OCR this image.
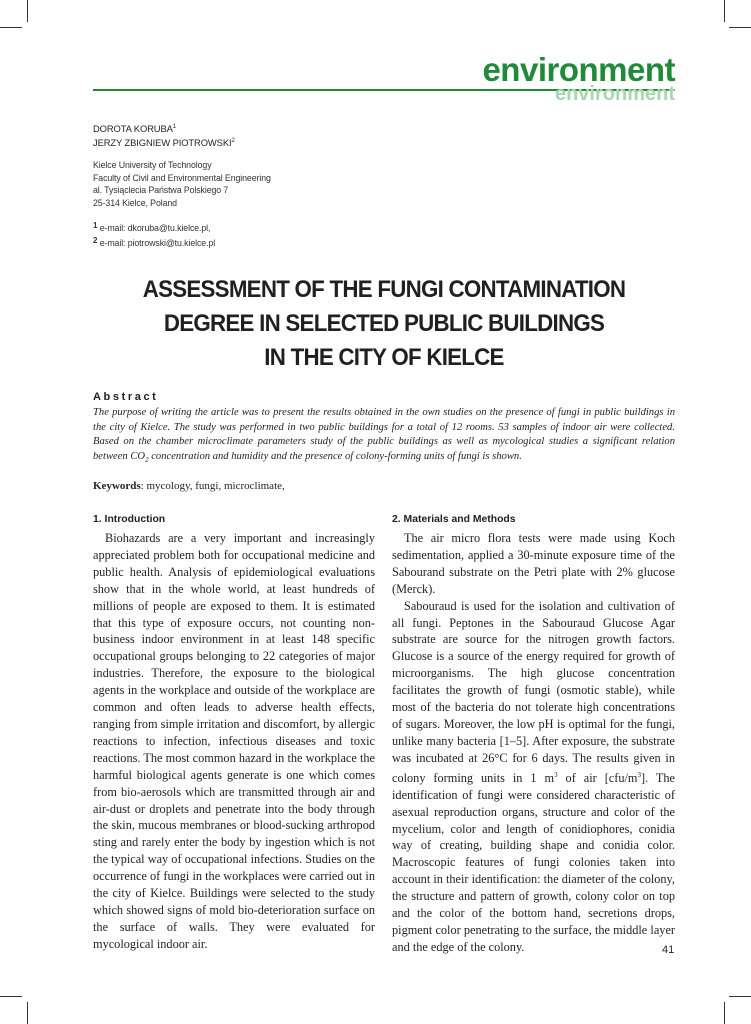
environment
environment
DOROTA KORUBA$^1$
JERZY ZBIGNIEW PIOTROWSKI$^2$
Kielce University of Technology
Faculty of Civil and Environmental Engineering
al. Tysiąclecia Państwa Polskiego 7
25-314 Kielce, Poland
$^1$ e-mail: dkoruba@tu.kielce.pl,
$^2$ e-mail: piotrowski@tu.kielce.pl
ASSESSMENT OF THE FUNGI CONTAMINATION
DEGREE IN SELECTED PUBLIC BUILDINGS
IN THE CITY OF KIELCE
Abstract
The purpose of writing the article was to present the results obtained in the own studies on the presence of fungi in public buildings in the city of Kielce. The study was performed in two public buildings for a total of 12 rooms. 53 samples of indoor air were collected. Based on the chamber microclimate parameters study of the public buildings as well as mycological studies a significant relation between $CO_2$ concentration and humidity and the presence of colony-forming units of fungi is shown.
Keywords: mycology, fungi, microclimate,
1. Introduction

Biohazards are a very important and increasingly appreciated problem both for occupational medicine and public health. Analysis of epidemiological evaluations show that in the whole world, at least hundreds of millions of people are exposed to them. It is estimated that this type of exposure occurs, not counting non-business indoor environment in at least 148 specific occupational groups belonging to 22 categories of major industries. Therefore, the exposure to the biological agents in the workplace and outside of the workplace are common and often leads to adverse health effects, ranging from simple irritation and discomfort, by allergic reactions to infection, infectious diseases and toxic reactions. The most common hazard in the workplace the harmful biological agents generate is one which comes from bio-aerosols which are transmitted through air and air-dust or droplets and penetrate into the body through the skin, mucous membranes or blood-sucking arthropod sting and rarely enter the body by ingestion which is not the typical way of occupational infections. Studies on the occurrence of fungi in the workplaces were carried out in the city of Kielce. Buildings were selected to the study which showed signs of mold bio-deterioration surface on the surface of walls. They were evaluated for mycological indoor air.

2. Materials and Methods

The air micro flora tests were made using Koch sedimentation, applied a 30-minute exposure time of the Sabourand substrate on the Petri plate with 2% glucose (Merck).

Sabouraud is used for the isolation and cultivation of all fungi. Peptones in the Sabouraud Glucose Agar substrate are source for the nitrogen growth factors. Glucose is a source of the energy required for growth of microorganisms. The high glucose concentration facilitates the growth of fungi (osmotic stable), while most of the bacteria do not tolerate high concentrations of sugars. Moreover, the low pH is optimal for the fungi, unlike many bacteria [1–5]. After exposure, the substrate was incubated at 26°C for 6 days. The results given in colony forming units in 1 $m^3$ of air $[cfu/m^3]$. The identification of fungi were considered characteristic of asexual reproduction organs, structure and color of the mycelium, color and length of conidiophores, conidia way of creating, building shape and conidia color. Macroscopic features of fungi colonies taken into account in their identification: the diameter of the colony, the structure and pattern of growth, colony color on top and the color of the bottom hand, secretions drops, pigment color penetrating to the surface, the middle layer and the edge of the colony.	41
